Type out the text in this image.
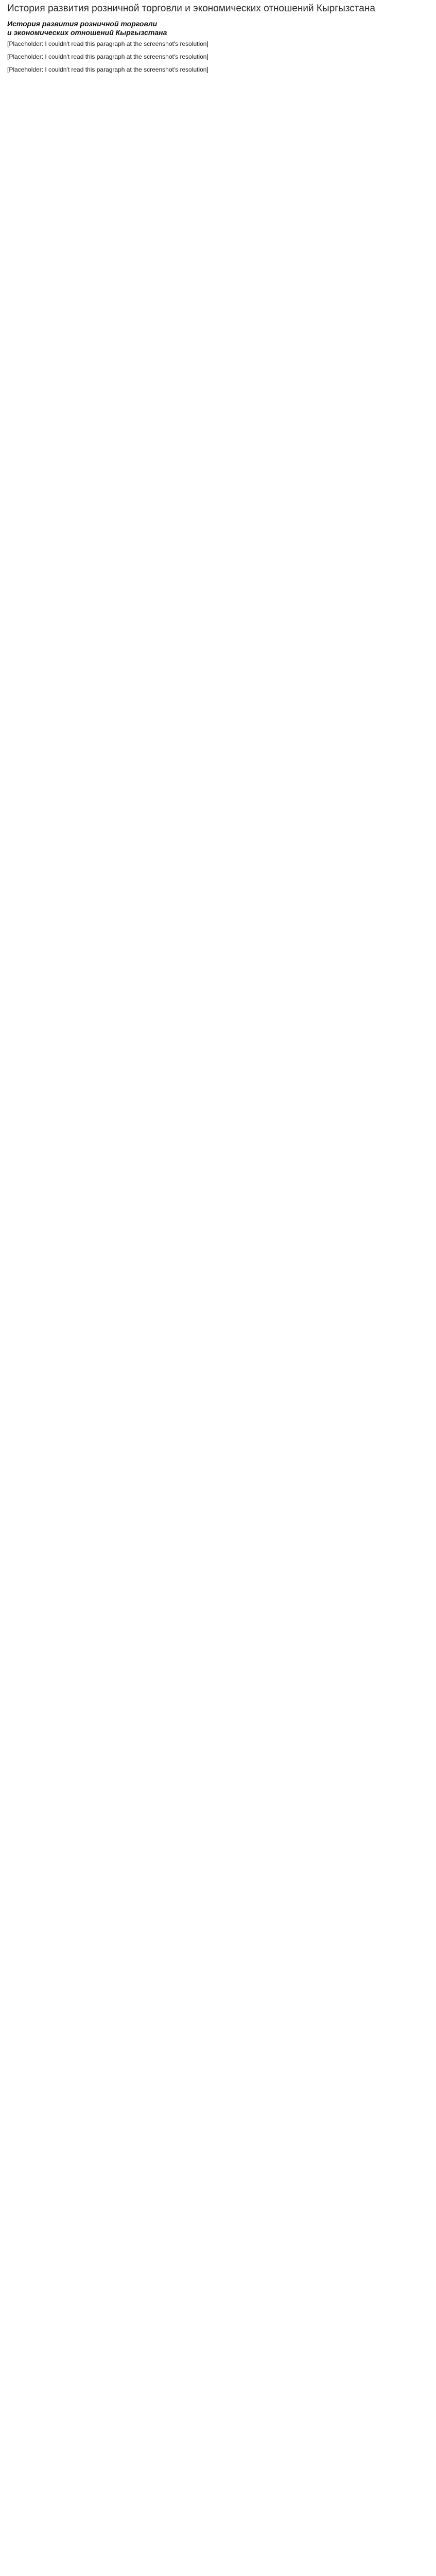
История развития розничной торговли и экономических отношений Кыргызстана
История развития розничной торговли
и экономических отношений Кыргызстана

[Placeholder: I couldn't read this paragraph at the screenshot's resolution]

[Placeholder: I couldn't read this paragraph at the screenshot's resolution]

[Placeholder: I couldn't read this paragraph at the screenshot's resolution]
